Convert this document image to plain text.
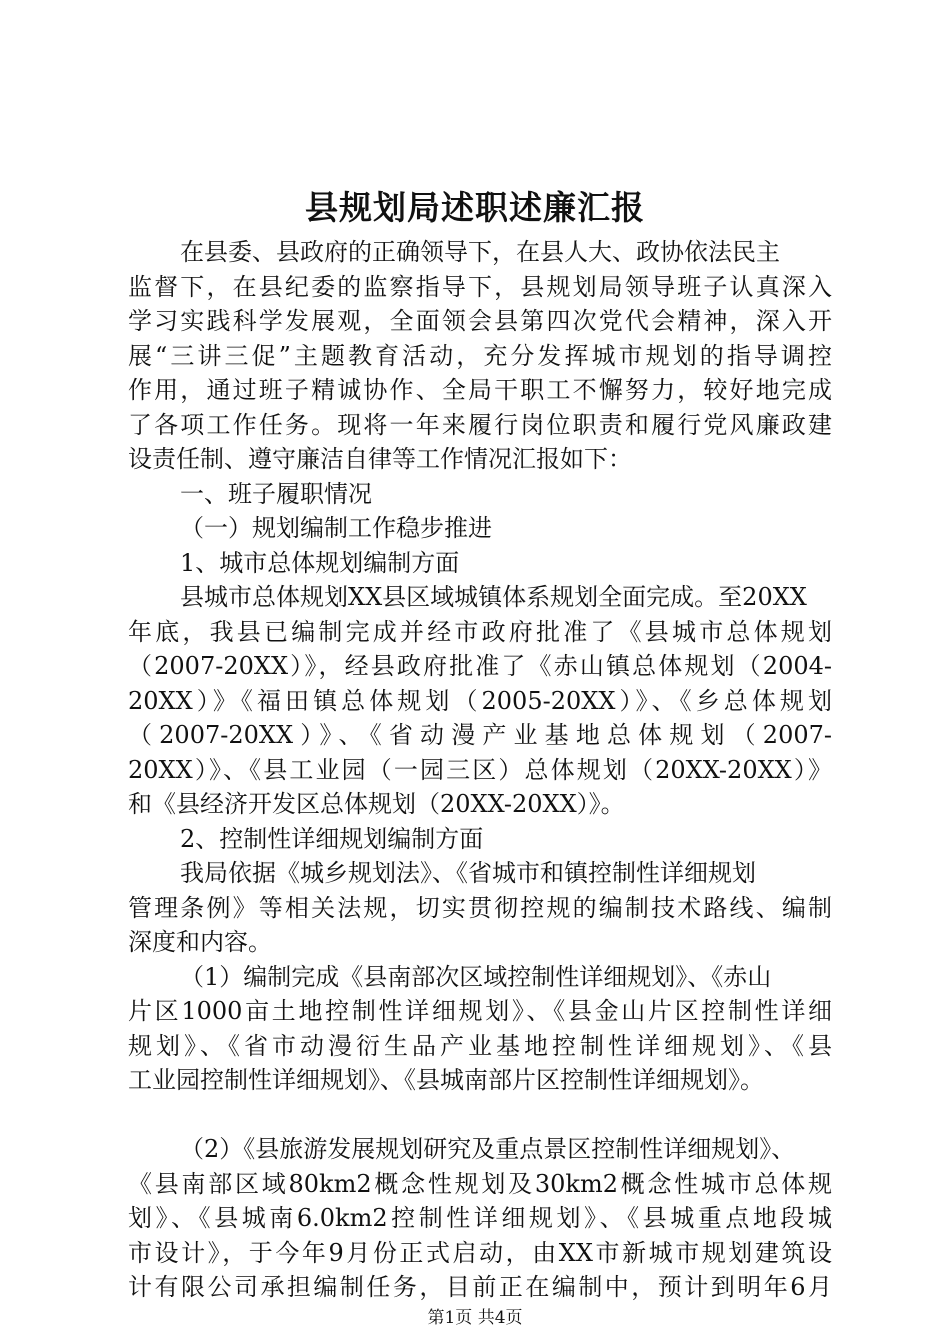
县规划局述职述廉汇报
在县委、县政府的正确领导下，在县人大、政协依法民主
监督下，在县纪委的监察指导下，县规划局领导班子认真深入
学习实践科学发展观，全面领会县第四次党代会精神，深入开
展“三讲三促”主题教育活动，充分发挥城市规划的指导调控
作用，通过班子精诚协作、全局干职工不懈努力，较好地完成
了各项工作任务。现将一年来履行岗位职责和履行党风廉政建
设责任制、遵守廉洁自律等工作情况汇报如下：
一、班子履职情况
（一）规划编制工作稳步推进
1、城市总体规划编制方面
县城市总体规划XX县区域城镇体系规划全面完成。至20XX
年底，我县已编制完成并经市政府批准了《县城市总体规划
（2007-20XX）》，经县政府批准了《赤山镇总体规划（2004-
20XX）》《福田镇总体规划（2005-20XX）》、《乡总体规划
（2007-20XX）》、《省动漫产业基地总体规划（2007-
20XX）》、《县工业园（一园三区）总体规划（20XX-20XX）》
和《县经济开发区总体规划（20XX-20XX）》。
2、控制性详细规划编制方面
我局依据《城乡规划法》、《省城市和镇控制性详细规划
管理条例》等相关法规，切实贯彻控规的编制技术路线、编制
深度和内容。
（1）编制完成《县南部次区域控制性详细规划》、《赤山
片区1000亩土地控制性详细规划》、《县金山片区控制性详细
规划》、《省市动漫衍生品产业基地控制性详细规划》、《县
工业园控制性详细规划》、《县城南部片区控制性详细规划》。
（2）《县旅游发展规划研究及重点景区控制性详细规划》、
《县南部区域80km2概念性规划及30km2概念性城市总体规
划》、《县城南6.0km2控制性详细规划》、《县城重点地段城
市设计》，于今年9月份正式启动，由XX市新城市规划建筑设
计有限公司承担编制任务，目前正在编制中，预计到明年6月
第1页 共4页
